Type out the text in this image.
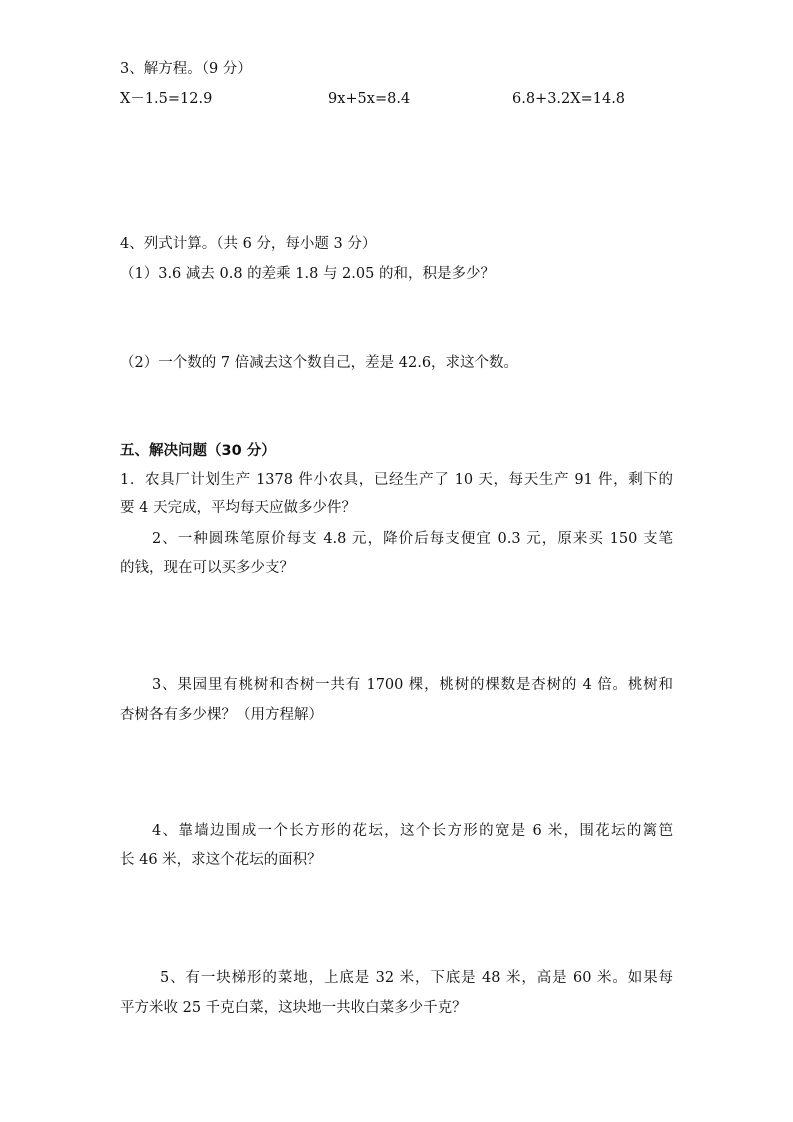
3、解方程。（9 分）
X－1.5=12.9	9x+5x=8.4	6.8+3.2X=14.8
4、列式计算。（共 6 分，每小题 3 分）
（1）3.6 减去 0.8 的差乘 1.8 与 2.05 的和，积是多少？
（2）一个数的 7 倍减去这个数自己，差是 42.6，求这个数。
五、解决问题（30 分）
1．农具厂计划生产 1378 件小农具，已经生产了 10 天，每天生产 91 件，剩下的
要 4 天完成，平均每天应做多少件？
2、一种圆珠笔原价每支 4.8 元，降价后每支便宜 0.3 元，原来买 150 支笔
的钱，现在可以买多少支？
3、果园里有桃树和杏树一共有 1700 棵，桃树的棵数是杏树的 4 倍。桃树和
杏树各有多少棵？（用方程解）
4、靠墙边围成一个长方形的花坛，这个长方形的宽是 6 米，围花坛的篱笆
长 46 米，求这个花坛的面积？
5、有一块梯形的菜地，上底是 32 米，下底是 48 米，高是 60 米。如果每
平方米收 25 千克白菜，这块地一共收白菜多少千克？
